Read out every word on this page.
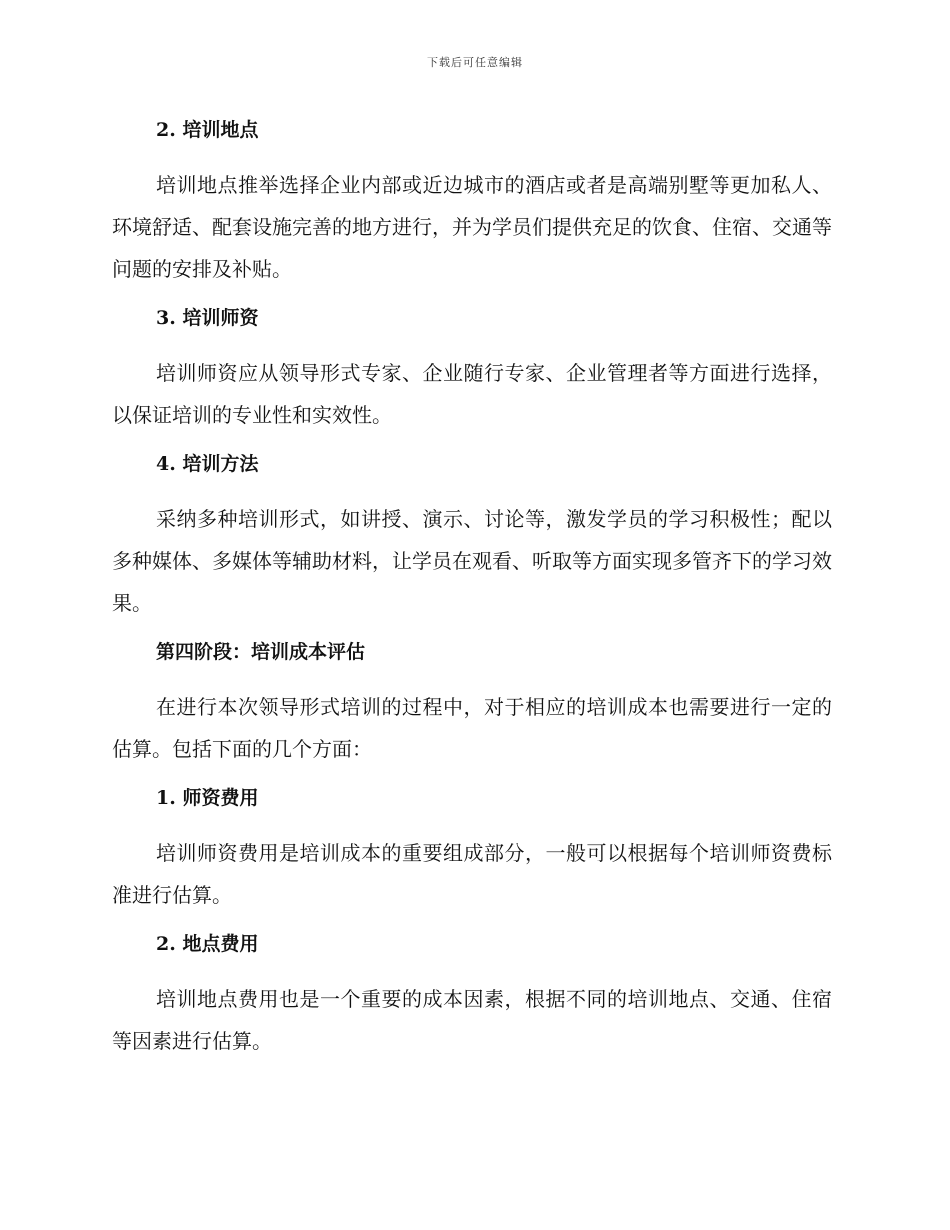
下载后可任意编辑
2. 培训地点

培训地点推举选择企业内部或近边城市的酒店或者是高端别墅等更加私人、环境舒适、配套设施完善的地方进行，并为学员们提供充足的饮食、住宿、交通等问题的安排及补贴。

3. 培训师资

培训师资应从领导形式专家、企业随行专家、企业管理者等方面进行选择，以保证培训的专业性和实效性。

4. 培训方法

采纳多种培训形式，如讲授、演示、讨论等，激发学员的学习积极性；配以多种媒体、多媒体等辅助材料，让学员在观看、听取等方面实现多管齐下的学习效果。

第四阶段：培训成本评估

在进行本次领导形式培训的过程中，对于相应的培训成本也需要进行一定的估算。包括下面的几个方面：

1. 师资费用

培训师资费用是培训成本的重要组成部分，一般可以根据每个培训师资费标准进行估算。

2. 地点费用

培训地点费用也是一个重要的成本因素，根据不同的培训地点、交通、住宿等因素进行估算。
